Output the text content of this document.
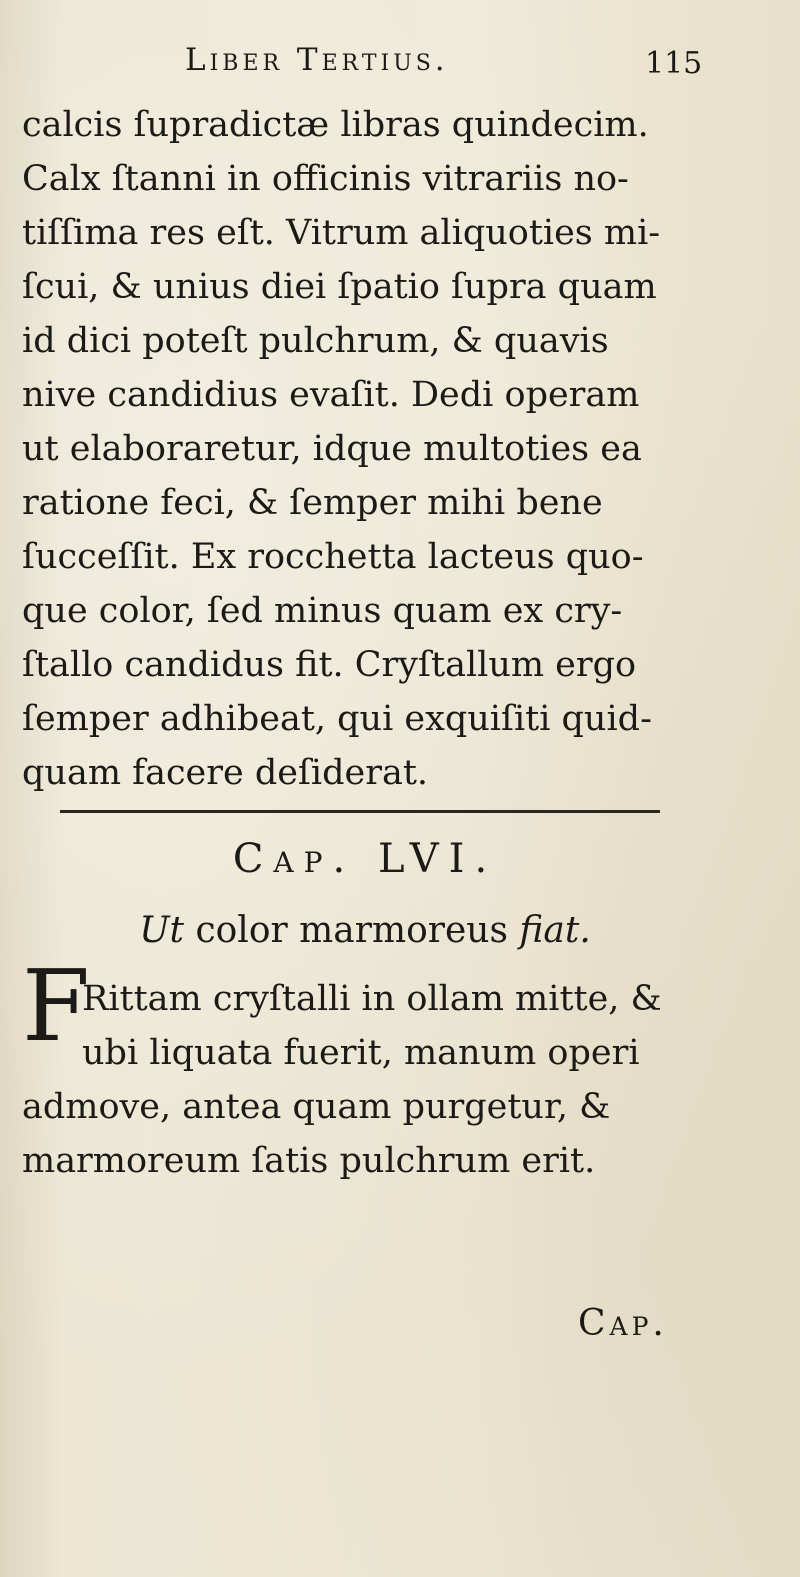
Liber Tertius.	115
calcis ſupradictæ libras quindecim.
Calx ſtanni in officinis vitrariis no-
tiſſima res eſt. Vitrum aliquoties mi-
ſcui, & unius diei ſpatio ſupra quam
id dici poteſt pulchrum, & quavis
nive candidius evaſit. Dedi operam
ut elaboraretur, idque multoties ea
ratione feci, & ſemper mihi bene
ſucceſſit. Ex rocchetta lacteus quo-
que color, ſed minus quam ex cry-
ſtallo candidus fit. Cryſtallum ergo
ſemper adhibeat, qui exquiſiti quid-
quam facere deſiderat.
Cap. LVI.
Ut color marmoreus fiat.
F
Rittam cryſtalli in ollam mitte, &
ubi liquata fuerit, manum operi
admove, antea quam purgetur, &
marmoreum ſatis pulchrum erit.
Cap.
